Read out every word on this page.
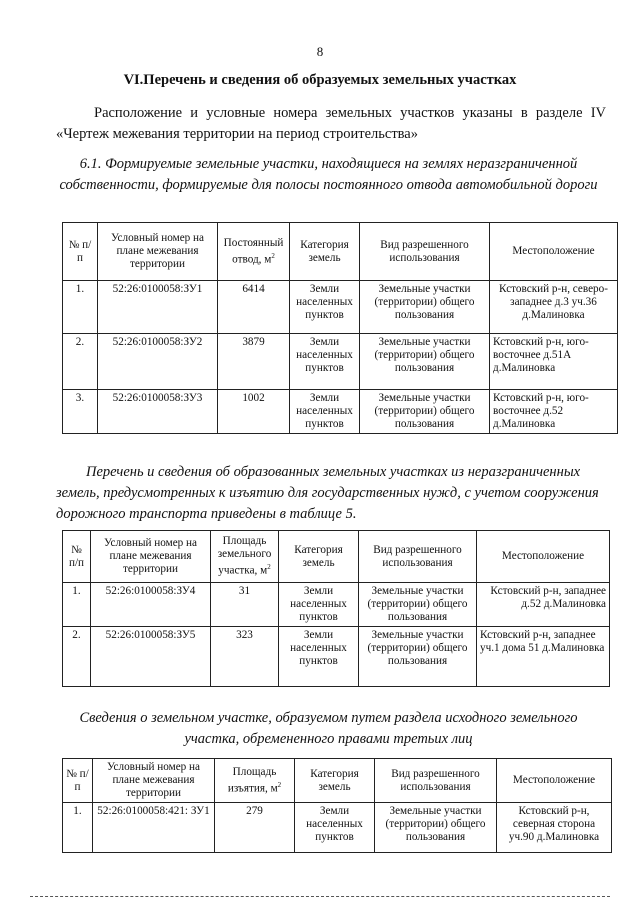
8
VI.Перечень и сведения об образуемых земельных участках
Расположение и условные номера земельных участков указаны в разделе IV «Чертеж межевания территории на период строительства»
6.1. Формируемые земельные участки, находящиеся на землях неразграниченной собственности, формируемые для полосы постоянного отвода автомобильной дороги
№ п/п	Условный номер на плане межевания территории	Постоянный отвод, $м^2$	Категория земель	Вид разрешенного использования	Местоположение
1.	52:26:0100058:ЗУ1	6414	Земли населенных пунктов	Земельные участки (территории) общего пользования	Кстовский р-н, северо-западнее д.3 уч.36 д.Малиновка
2.	52:26:0100058:ЗУ2	3879	Земли населенных пунктов	Земельные участки (территории) общего пользования	Кстовский р-н, юго-восточнее д.51А д.Малиновка
3.	52:26:0100058:ЗУ3	1002	Земли населенных пунктов	Земельные участки (территории) общего пользования	Кстовский р-н, юго-восточнее д.52 д.Малиновка
Перечень и сведения об образованных земельных участках из неразграниченных земель, предусмотренных к изъятию для государственных нужд, с учетом сооружения дорожного транспорта приведены в таблице 5.
№ п/п	Условный номер на плане межевания территории	Площадь земельного участка, $м^2$	Категория земель	Вид разрешенного использования	Местоположение
1.	52:26:0100058:ЗУ4	31	Земли населенных пунктов	Земельные участки (территории) общего пользования	Кстовский р-н, западнее д.52 д.Малиновка
2.	52:26:0100058:ЗУ5	323	Земли населенных пунктов	Земельные участки (территории) общего пользования	Кстовский р-н, западнее уч.1 дома 51 д.Малиновка
Сведения о земельном участке, образуемом путем раздела исходного земельного участка, обремененного правами третьих лиц
№ п/п	Условный номер на плане межевания территории	Площадь изъятия, $м^2$	Категория земель	Вид разрешенного использования	Местоположение
1.	52:26:0100058:421: ЗУ1	279	Земли населенных пунктов	Земельные участки (территории) общего пользования	Кстовский р-н, северная сторона уч.90 д.Малиновка
